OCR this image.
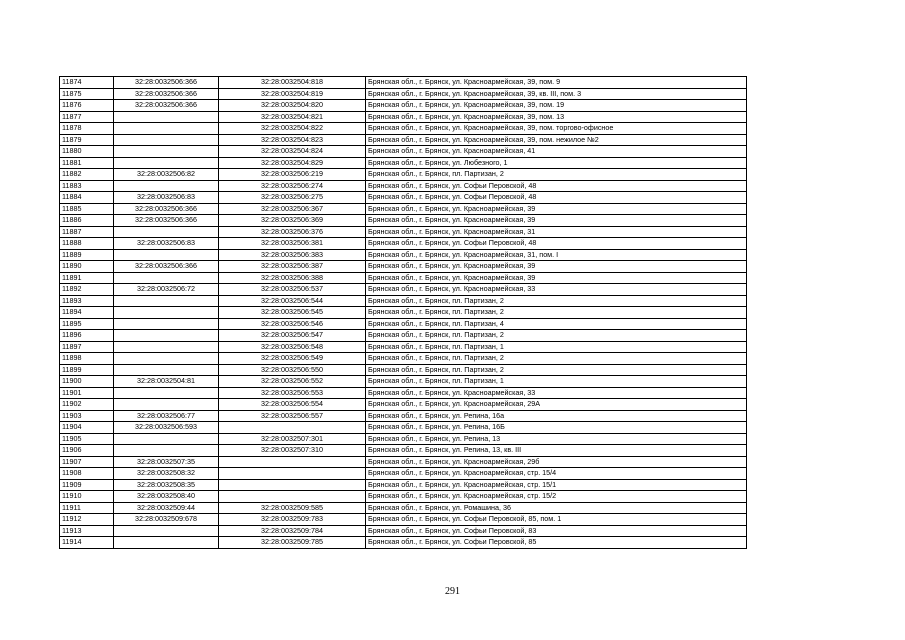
11874	32:28:0032506:366	32:28:0032504:818	Брянская обл., г. Брянск, ул. Красноармейская, 39, пом. 9
11875	32:28:0032506:366	32:28:0032504:819	Брянская обл., г. Брянск, ул. Красноармейская, 39, кв. III, пом. 3
11876	32:28:0032506:366	32:28:0032504:820	Брянская обл., г. Брянск, ул. Красноармейская, 39, пом. 19
11877		32:28:0032504:821	Брянская обл., г. Брянск, ул. Красноармейская, 39, пом. 13
11878		32:28:0032504:822	Брянская обл., г. Брянск, ул. Красноармейская, 39, пом. торгово-офисное
11879		32:28:0032504:823	Брянская обл., г. Брянск, ул. Красноармейская, 39, пом. нежилое №2
11880		32:28:0032504:824	Брянская обл., г. Брянск, ул. Красноармейская, 41
11881		32:28:0032504:829	Брянская обл., г. Брянск, ул. Любезного, 1
11882	32:28:0032506:82	32:28:0032506:219	Брянская обл., г. Брянск, пл. Партизан, 2
11883		32:28:0032506:274	Брянская обл., г. Брянск, ул. Софьи Перовской, 48
11884	32:28:0032506:83	32:28:0032506:275	Брянская обл., г. Брянск, ул. Софьи Перовской, 48
11885	32:28:0032506:366	32:28:0032506:367	Брянская обл., г. Брянск, ул. Красноармейская, 39
11886	32:28:0032506:366	32:28:0032506:369	Брянская обл., г. Брянск, ул. Красноармейская, 39
11887		32:28:0032506:376	Брянская обл., г. Брянск, ул. Красноармейская, 31
11888	32:28:0032506:83	32:28:0032506:381	Брянская обл., г. Брянск, ул. Софьи Перовской, 48
11889		32:28:0032506:383	Брянская обл., г. Брянск, ул. Красноармейская, 31, пом. I
11890	32:28:0032506:366	32:28:0032506:387	Брянская обл., г. Брянск, ул. Красноармейская, 39
11891		32:28:0032506:388	Брянская обл., г. Брянск, ул. Красноармейская, 39
11892	32:28:0032506:72	32:28:0032506:537	Брянская обл., г. Брянск, ул. Красноармейская, 33
11893		32:28:0032506:544	Брянская обл., г. Брянск, пл. Партизан, 2
11894		32:28:0032506:545	Брянская обл., г. Брянск, пл. Партизан, 2
11895		32:28:0032506:546	Брянская обл., г. Брянск, пл. Партизан, 4
11896		32:28:0032506:547	Брянская обл., г. Брянск, пл. Партизан, 2
11897		32:28:0032506:548	Брянская обл., г. Брянск, пл. Партизан, 1
11898		32:28:0032506:549	Брянская обл., г. Брянск, пл. Партизан, 2
11899		32:28:0032506:550	Брянская обл., г. Брянск, пл. Партизан, 2
11900	32:28:0032504:81	32:28:0032506:552	Брянская обл., г. Брянск, пл. Партизан, 1
11901		32:28:0032506:553	Брянская обл., г. Брянск, ул. Красноармейская, 33
11902		32:28:0032506:554	Брянская обл., г. Брянск, ул. Красноармейская, 29А
11903	32:28:0032506:77	32:28:0032506:557	Брянская обл., г. Брянск, ул. Репина, 16а
11904	32:28:0032506:593		Брянская обл., г. Брянск, ул. Репина, 16Б
11905		32:28:0032507:301	Брянская обл., г. Брянск, ул. Репина, 13
11906		32:28:0032507:310	Брянская обл., г. Брянск, ул. Репина, 13, кв. III
11907	32:28:0032507:35		Брянская обл., г. Брянск, ул. Красноармейская, 29б
11908	32:28:0032508:32		Брянская обл., г. Брянск, ул. Красноармейская, стр. 15/4
11909	32:28:0032508:35		Брянская обл., г. Брянск, ул. Красноармейская, стр. 15/1
11910	32:28:0032508:40		Брянская обл., г. Брянск, ул. Красноармейская, стр. 15/2
11911	32:28:0032509:44	32:28:0032509:585	Брянская обл., г. Брянск, ул. Ромашина, 36
11912	32:28:0032509:678	32:28:0032509:783	Брянская обл., г. Брянск, ул. Софьи Перовской, 85, пом. 1
11913		32:28:0032509:784	Брянская обл., г. Брянск, ул. Софьи Перовской, 83
11914		32:28:0032509:785	Брянская обл., г. Брянск, ул. Софьи Перовской, 85
291
